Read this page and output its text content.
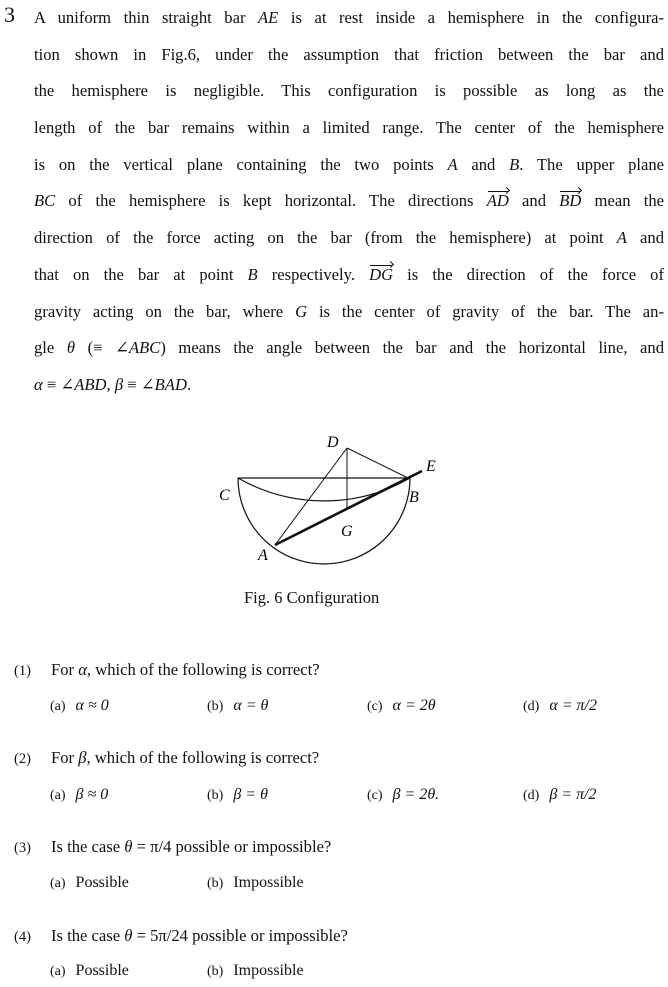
3 A uniform thin straight bar AE is at rest inside a hemisphere in the configura-
tion shown in Fig.6, under the assumption that friction between the bar and
the hemisphere is negligible. This configuration is possible as long as the
length of the bar remains within a limited range. The center of the hemisphere
is on the vertical plane containing the two points A and B. The upper plane
BC of the hemisphere is kept horizontal. The directions AD and BD mean the
direction of the force acting on the bar (from the hemisphere) at point A and
that on the bar at point B respectively. DG is the direction of the force of
gravity acting on the bar, where G is the center of gravity of the bar. The an-
gle θ (≡ ∠ABC) means the angle between the bar and the horizontal line, and
α ≡ ∠ABD, β ≡ ∠BAD.
D
E
C	B
G
A
Fig. 6 Configuration
(1) For α, which of the following is correct?
(2) For β, which of the following is correct?
(3) Is the case θ = π/4 possible or impossible?
(4) Is the case θ = 5π/24 possible or impossible?
(a) α ≈ 0	(b) α = θ	(c) α = 2θ	(d) α = π/2
(a) β ≈ 0	(b) β = θ	(c) β = 2θ.	(d) β = π/2
(a) Possible	(b) Impossible
(a) Possible	(b) Impossible
